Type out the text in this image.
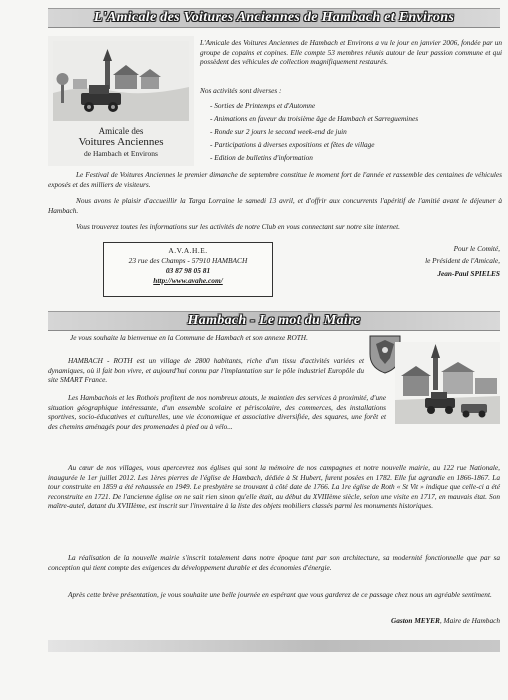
L'Amicale des Voitures Anciennes de Hambach et Environs
Amicale des
Voitures Anciennes
de Hambach et Environs
L'Amicale des Voitures Anciennes de Hambach et Environs a vu le jour en janvier 2006, fondée par un groupe de copains et copines. Elle compte 53 membres réunis autour de leur passion commune et qui possèdent des véhicules de collection magnifiquement restaurés.
Nos activités sont diverses :
- Sorties de Printemps et d'Automne
- Animations en faveur du troisième âge de Hambach et Sarreguemines
- Ronde sur 2 jours le second week-end de juin
- Participations à diverses expositions et fêtes de village
- Edition de bulletins d'information
Le Festival de Voitures Anciennes le premier dimanche de septembre constitue le moment fort de l'année et rassemble des centaines de véhicules exposés et des milliers de visiteurs.
Nous avons le plaisir d'accueillir la Targa Lorraine le samedi 13 avril, et d'offrir aux concurrents l'apéritif de l'amitié avant le déjeuner à Hambach.
Vous trouverez toutes les informations sur les activités de notre Club en vous connectant sur notre site internet.
A.V.A.H.E.
23 rue des Champs - 57910 HAMBACH
03 87 98 05 81
http://www.avahe.com/
Pour le Comité,
le Président de l'Amicale,
Jean-Paul SPIELES
Hambach - Le mot du Maire
Je vous souhaite la bienvenue en la Commune de Hambach et son annexe ROTH.
HAMBACH - ROTH est un village de 2800 habitants, riche d'un tissu d'activités variées et dynamiques, où il fait bon vivre, et aujourd'hui connu par l'implantation sur le pôle industriel Europôle du site SMART France.
Les Hambachois et les Rothois profitent de nos nombreux atouts, le maintien des services à proximité, d'une situation géographique intéressante, d'un ensemble scolaire et périscolaire, des commerces, des installations sportives, socio-éducatives et culturelles, une vie économique et associative diversifiée, des squares, une forêt et des chemins aménagés pour des promenades à pied ou à vélo...
Au cœur de nos villages, vous apercevrez nos églises qui sont la mémoire de nos campagnes et notre nouvelle mairie, au 122 rue Nationale, inaugurée le 1er juillet 2012. Les 1ères pierres de l'église de Hambach, dédiée à St Hubert, furent posées en 1782. Elle fut agrandie en 1866-1867. La tour construite en 1859 a été rehaussée en 1949. Le presbytère se trouvant à côté date de 1766. La 1re église de Roth « St Vit » indique que celle-ci a été reconstruite en 1721. De l'ancienne église on ne sait rien sinon qu'elle était, au début du XVIIIème siècle, selon une visite en 1717, en mauvais état. Son maître-autel, datant du XVIIIème, est inscrit sur l'inventaire à la liste des objets mobiliers classés parmi les monuments historiques.
La réalisation de la nouvelle mairie s'inscrit totalement dans notre époque tant par son architecture, sa modernité fonctionnelle que par sa conception qui tient compte des exigences du développement durable et des économies d'énergie.
Après cette brève présentation, je vous souhaite une belle journée en espérant que vous garderez de ce passage chez nous un agréable sentiment.
Gaston MEYER, Maire de Hambach
